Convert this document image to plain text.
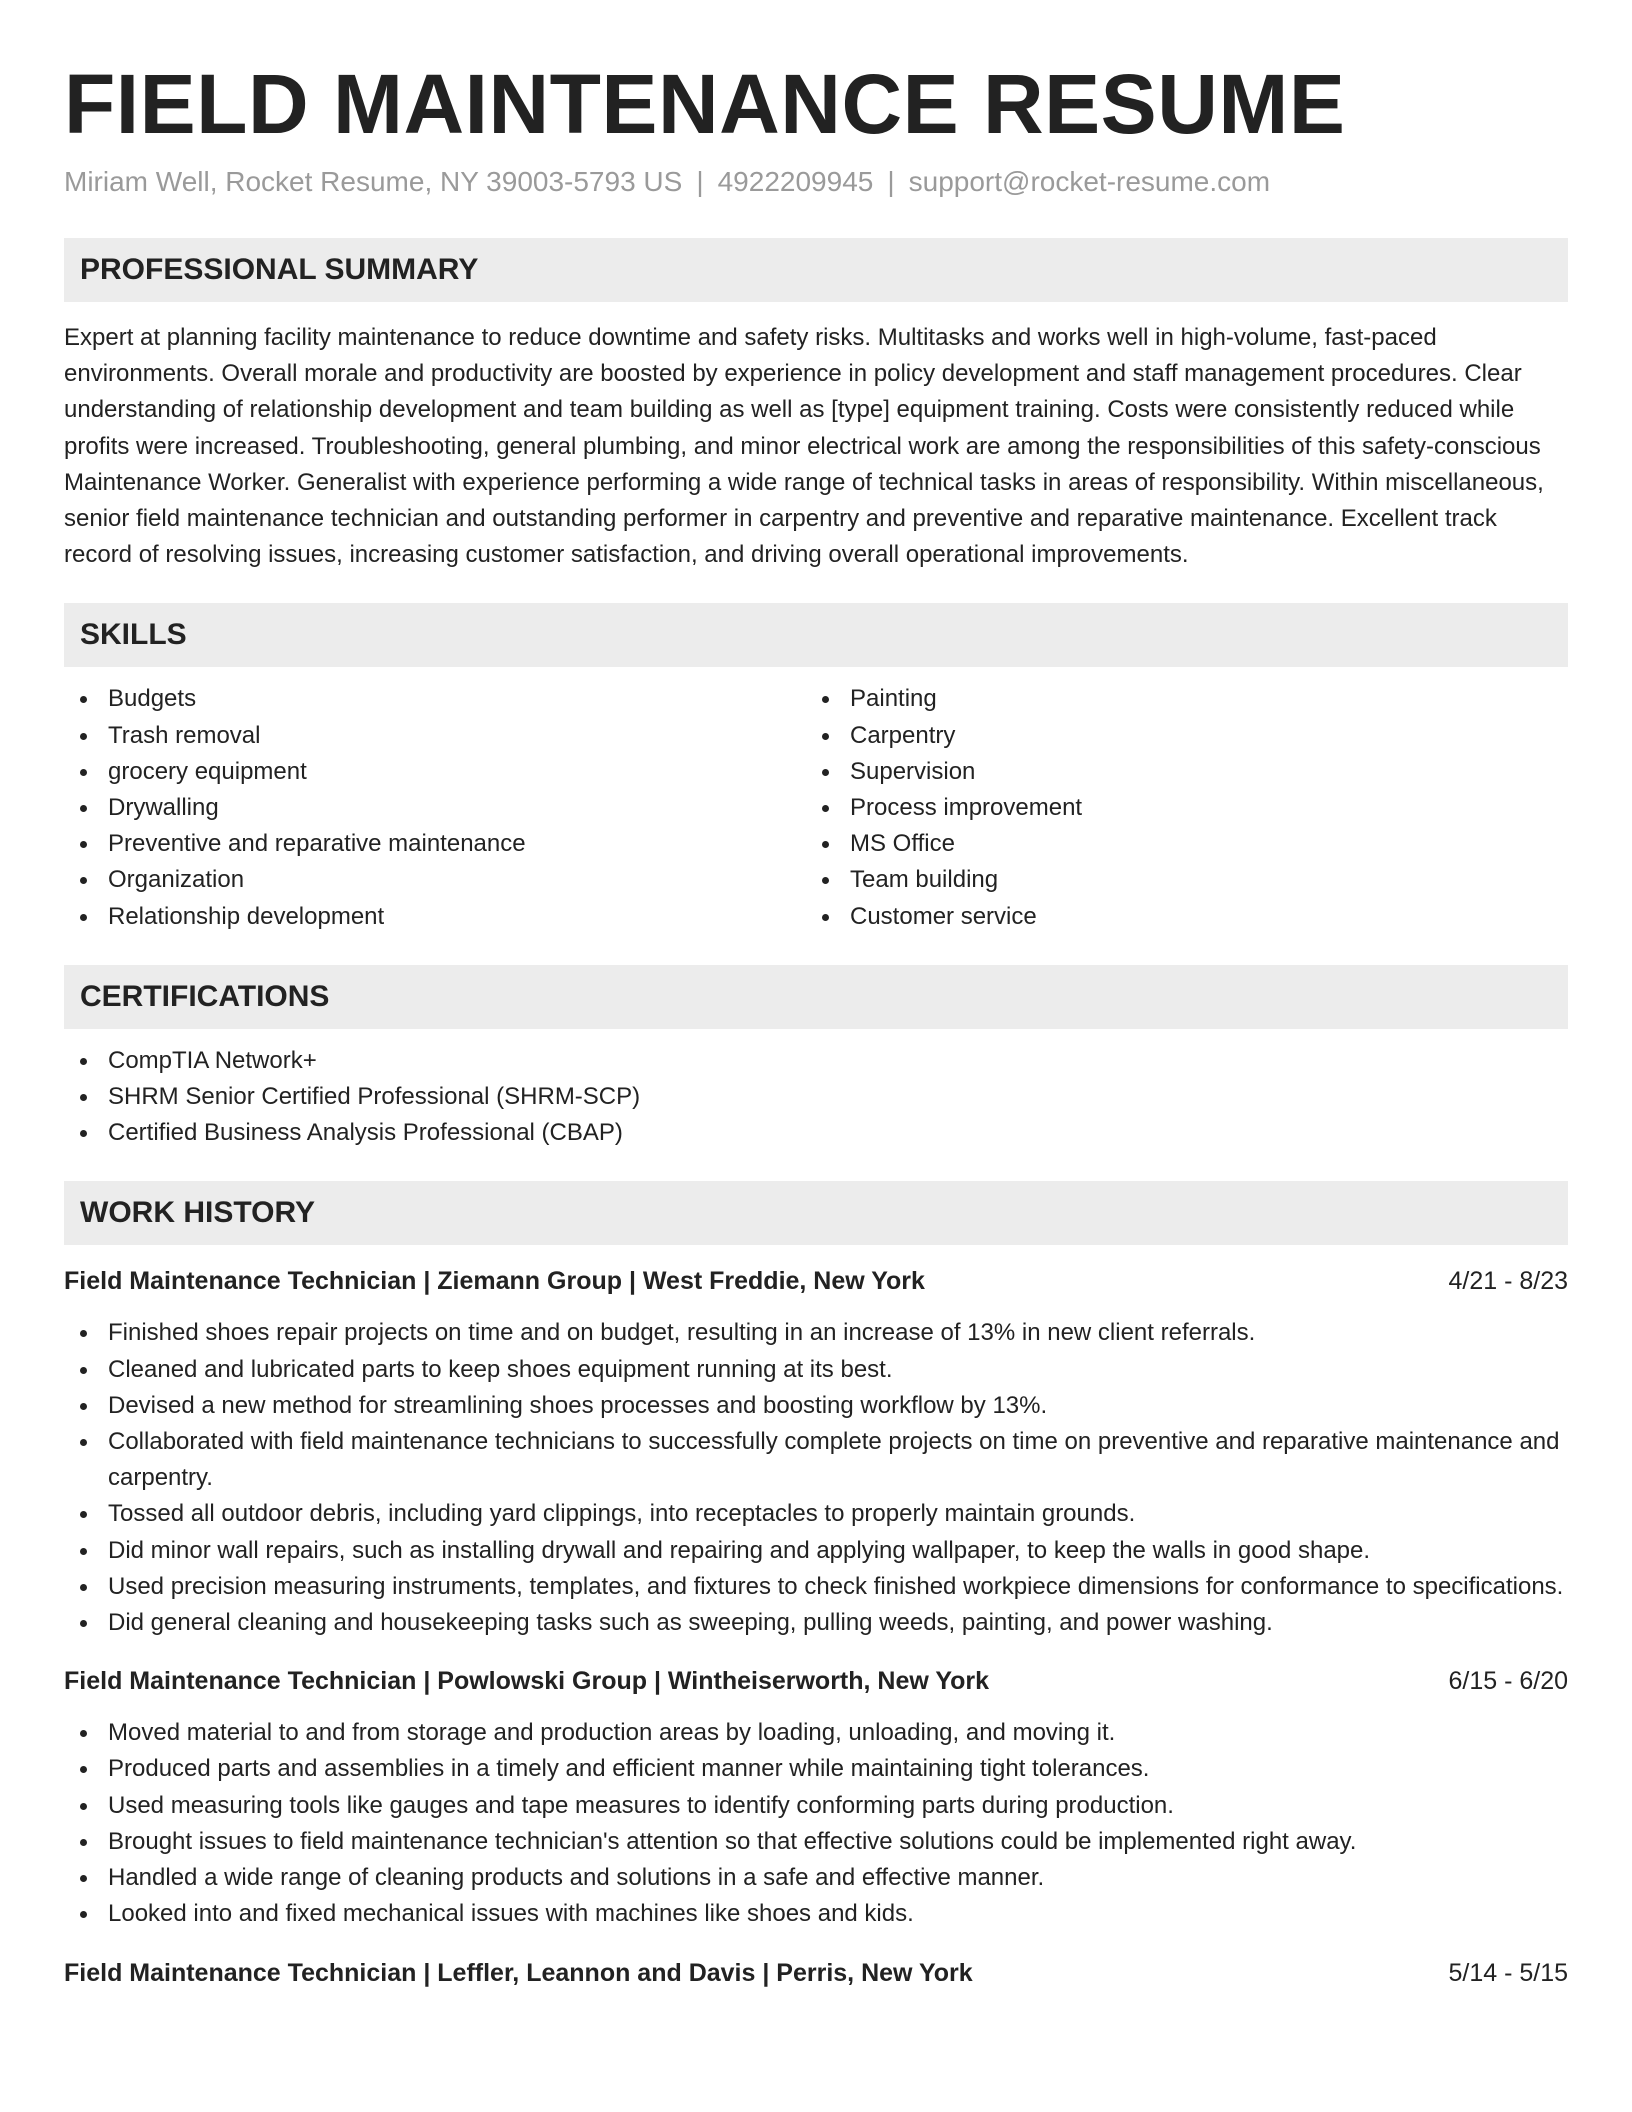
FIELD MAINTENANCE RESUME
Miriam Well, Rocket Resume, NY 39003-5793 US | 4922209945 | support@rocket-resume.com
PROFESSIONAL SUMMARY

Expert at planning facility maintenance to reduce downtime and safety risks. Multitasks and works well in high-volume, fast-paced environments. Overall morale and productivity are boosted by experience in policy development and staff management procedures. Clear understanding of relationship development and team building as well as [type] equipment training. Costs were consistently reduced while profits were increased. Troubleshooting, general plumbing, and minor electrical work are among the responsibilities of this safety-conscious Maintenance Worker. Generalist with experience performing a wide range of technical tasks in areas of responsibility. Within miscellaneous, senior field maintenance technician and outstanding performer in carpentry and preventive and reparative maintenance. Excellent track record of resolving issues, increasing customer satisfaction, and driving overall operational improvements.

SKILLS
Budgets
Trash removal
grocery equipment
Drywalling
Preventive and reparative maintenance
Organization
Relationship development
Painting
Carpentry
Supervision
Process improvement
MS Office
Team building
Customer service
CERTIFICATIONS
CompTIA Network+
SHRM Senior Certified Professional (SHRM-SCP)
Certified Business Analysis Professional (CBAP)
WORK HISTORY
Field Maintenance Technician | Ziemann Group | West Freddie, New York	4/21 - 8/23
Finished shoes repair projects on time and on budget, resulting in an increase of 13% in new client referrals.
Cleaned and lubricated parts to keep shoes equipment running at its best.
Devised a new method for streamlining shoes processes and boosting workflow by 13%.
Collaborated with field maintenance technicians to successfully complete projects on time on preventive and reparative maintenance and carpentry.
Tossed all outdoor debris, including yard clippings, into receptacles to properly maintain grounds.
Did minor wall repairs, such as installing drywall and repairing and applying wallpaper, to keep the walls in good shape.
Used precision measuring instruments, templates, and fixtures to check finished workpiece dimensions for conformance to specifications.
Did general cleaning and housekeeping tasks such as sweeping, pulling weeds, painting, and power washing.
Field Maintenance Technician | Powlowski Group | Wintheiserworth, New York	6/15 - 6/20
Moved material to and from storage and production areas by loading, unloading, and moving it.
Produced parts and assemblies in a timely and efficient manner while maintaining tight tolerances.
Used measuring tools like gauges and tape measures to identify conforming parts during production.
Brought issues to field maintenance technician's attention so that effective solutions could be implemented right away.
Handled a wide range of cleaning products and solutions in a safe and effective manner.
Looked into and fixed mechanical issues with machines like shoes and kids.
Field Maintenance Technician | Leffler, Leannon and Davis | Perris, New York	5/14 - 5/15
